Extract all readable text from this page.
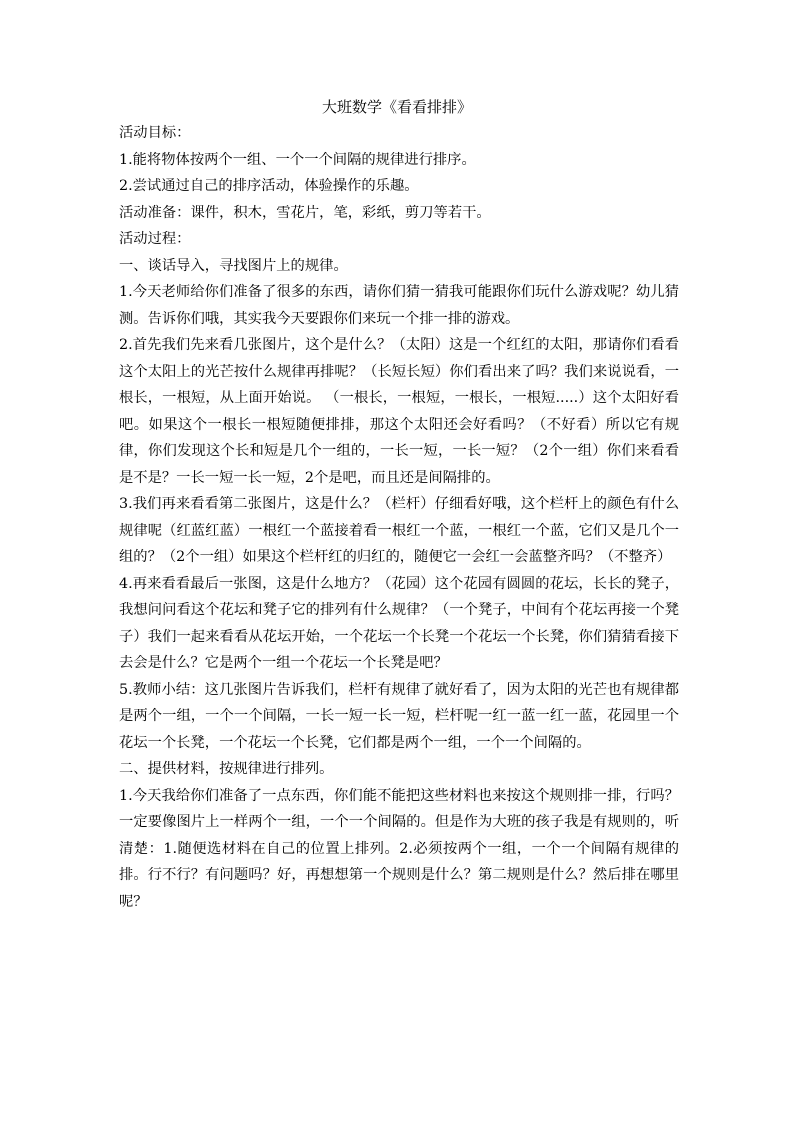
大班数学《看看排排》

活动目标：

1.能将物体按两个一组、一个一个间隔的规律进行排序。

2.尝试通过自己的排序活动，体验操作的乐趣。

活动准备：课件，积木，雪花片，笔，彩纸，剪刀等若干。

活动过程：

一、谈话导入，寻找图片上的规律。

1.今天老师给你们准备了很多的东西，请你们猜一猜我可能跟你们玩什么游戏呢？幼儿猜测。告诉你们哦，其实我今天要跟你们来玩一个排一排的游戏。

2.首先我们先来看几张图片，这个是什么？（太阳）这是一个红红的太阳，那请你们看看这个太阳上的光芒按什么规律再排呢？（长短长短）你们看出来了吗？我们来说说看，一根长，一根短，从上面开始说。 （一根长，一根短，一根长，一根短.....）这个太阳好看吧。如果这个一根长一根短随便排排，那这个太阳还会好看吗？（不好看）所以它有规律，你们发现这个长和短是几个一组的，一长一短，一长一短？（2个一组）你们来看看是不是？一长一短一长一短，2个是吧，而且还是间隔排的。

3.我们再来看看第二张图片，这是什么？（栏杆）仔细看好哦，这个栏杆上的颜色有什么规律呢（红蓝红蓝）一根红一个蓝接着看一根红一个蓝，一根红一个蓝，它们又是几个一组的？（2个一组）如果这个栏杆红的归红的，随便它一会红一会蓝整齐吗？（不整齐）

4.再来看看最后一张图，这是什么地方？（花园）这个花园有圆圆的花坛，长长的凳子，我想问问看这个花坛和凳子它的排列有什么规律？（一个凳子，中间有个花坛再接一个凳子）我们一起来看看从花坛开始，一个花坛一个长凳一个花坛一个长凳，你们猜猜看接下去会是什么？它是两个一组一个花坛一个长凳是吧？

5.教师小结：这几张图片告诉我们，栏杆有规律了就好看了，因为太阳的光芒也有规律都是两个一组，一个一个间隔，一长一短一长一短，栏杆呢一红一蓝一红一蓝，花园里一个花坛一个长凳，一个花坛一个长凳，它们都是两个一组，一个一个间隔的。

二、提供材料，按规律进行排列。

1.今天我给你们准备了一点东西，你们能不能把这些材料也来按这个规则排一排，行吗？一定要像图片上一样两个一组，一个一个间隔的。但是作为大班的孩子我是有规则的，听清楚：1.随便选材料在自己的位置上排列。2.必须按两个一组，一个一个间隔有规律的排。行不行？有问题吗？好，再想想第一个规则是什么？第二规则是什么？然后排在哪里呢？
